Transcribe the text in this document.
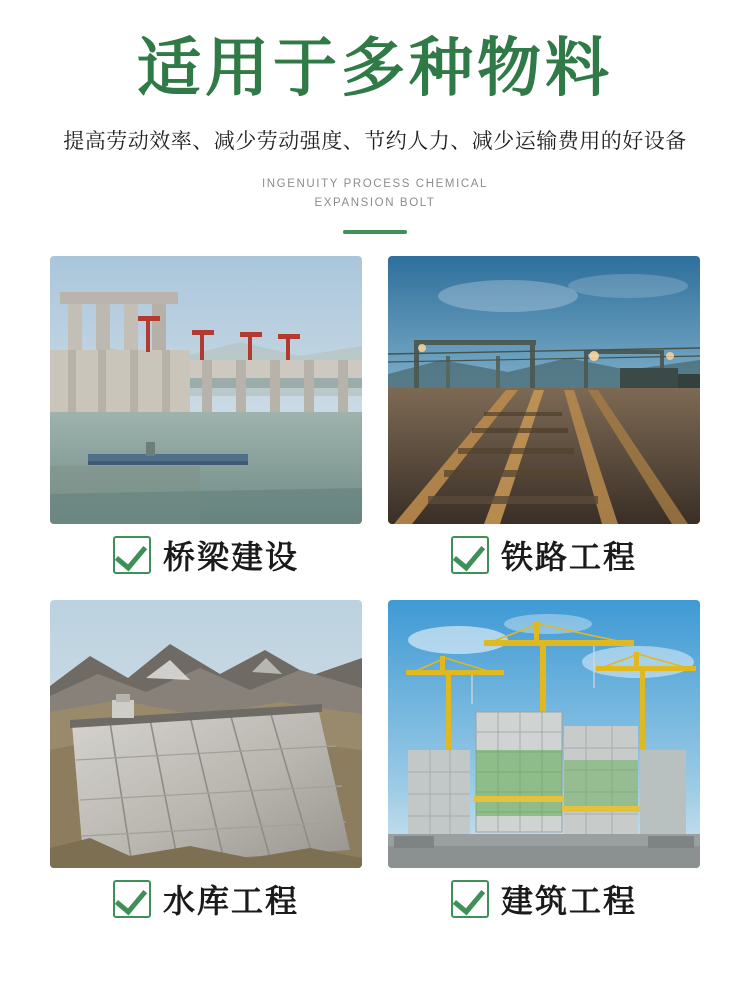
适用于多种物料
提高劳动效率、减少劳动强度、节约人力、减少运输费用的好设备
INGENUITY PROCESS CHEMICAL
EXPANSION BOLT
桥梁建设	铁路工程
水库工程	建筑工程
